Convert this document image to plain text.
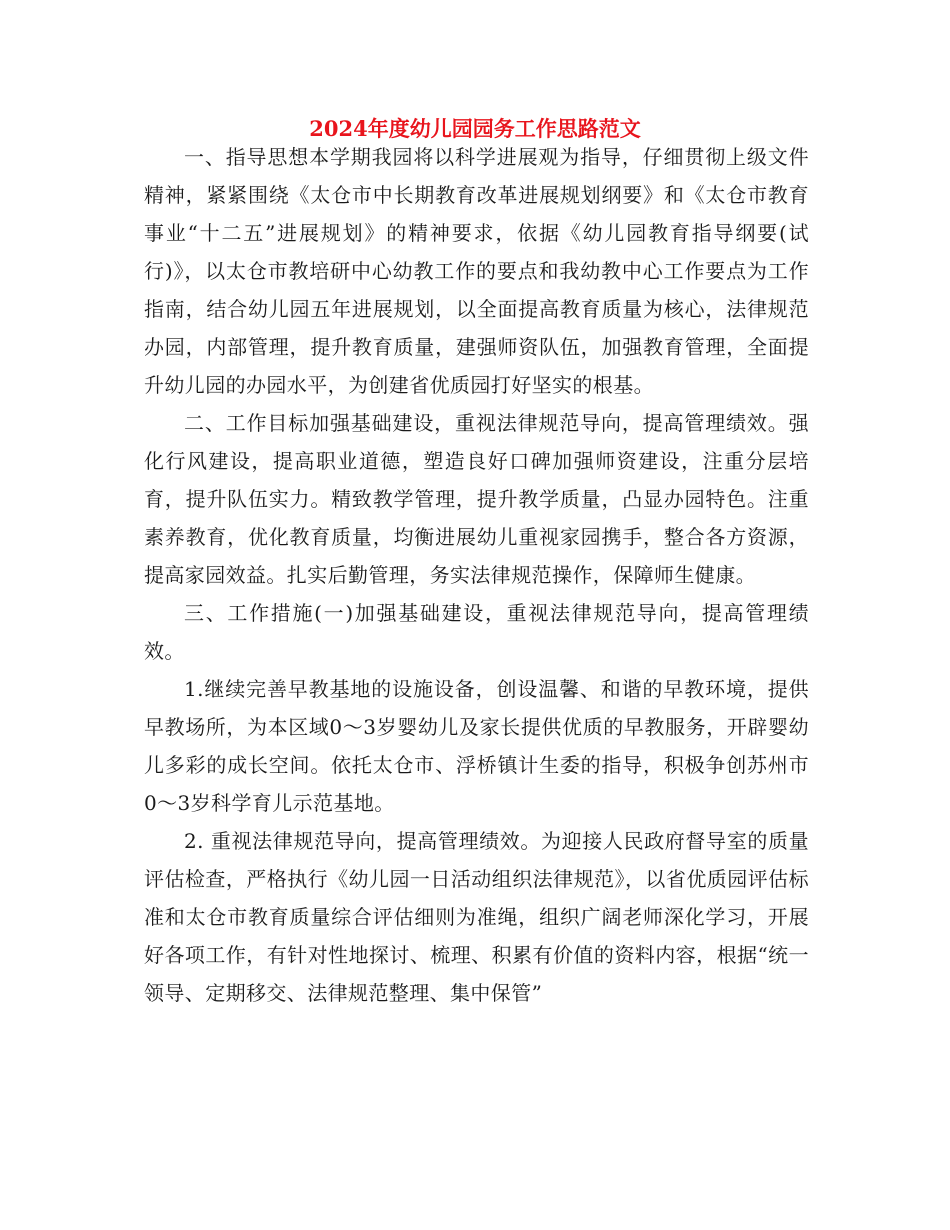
2024年度幼儿园园务工作思路范文

一、指导思想本学期我园将以科学进展观为指导，仔细贯彻上级文件精神，紧紧围绕《太仓市中长期教育改革进展规划纲要》和《太仓市教育事业“十二五”进展规划》的精神要求，依据《幼儿园教育指导纲要(试行)》，以太仓市教培研中心幼教工作的要点和我幼教中心工作要点为工作指南，结合幼儿园五年进展规划，以全面提高教育质量为核心，法律规范办园，内部管理，提升教育质量，建强师资队伍，加强教育管理，全面提升幼儿园的办园水平，为创建省优质园打好坚实的根基。

二、工作目标加强基础建设，重视法律规范导向，提高管理绩效。强化行风建设，提高职业道德，塑造良好口碑加强师资建设，注重分层培育，提升队伍实力。精致教学管理，提升教学质量，凸显办园特色。注重素养教育，优化教育质量，均衡进展幼儿重视家园携手，整合各方资源，提高家园效益。扎实后勤管理，务实法律规范操作，保障师生健康。

三、工作措施(一)加强基础建设，重视法律规范导向，提高管理绩效。

1.继续完善早教基地的设施设备，创设温馨、和谐的早教环境，提供早教场所，为本区域0～3岁婴幼儿及家长提供优质的早教服务，开辟婴幼儿多彩的成长空间。依托太仓市、浮桥镇计生委的指导，积极争创苏州市0～3岁科学育儿示范基地。

2. 重视法律规范导向，提高管理绩效。为迎接人民政府督导室的质量评估检查，严格执行《幼儿园一日活动组织法律规范》，以省优质园评估标准和太仓市教育质量综合评估细则为准绳，组织广阔老师深化学习，开展好各项工作，有针对性地探讨、梳理、积累有价值的资料内容，根据“统一领导、定期移交、法律规范整理、集中保管”
